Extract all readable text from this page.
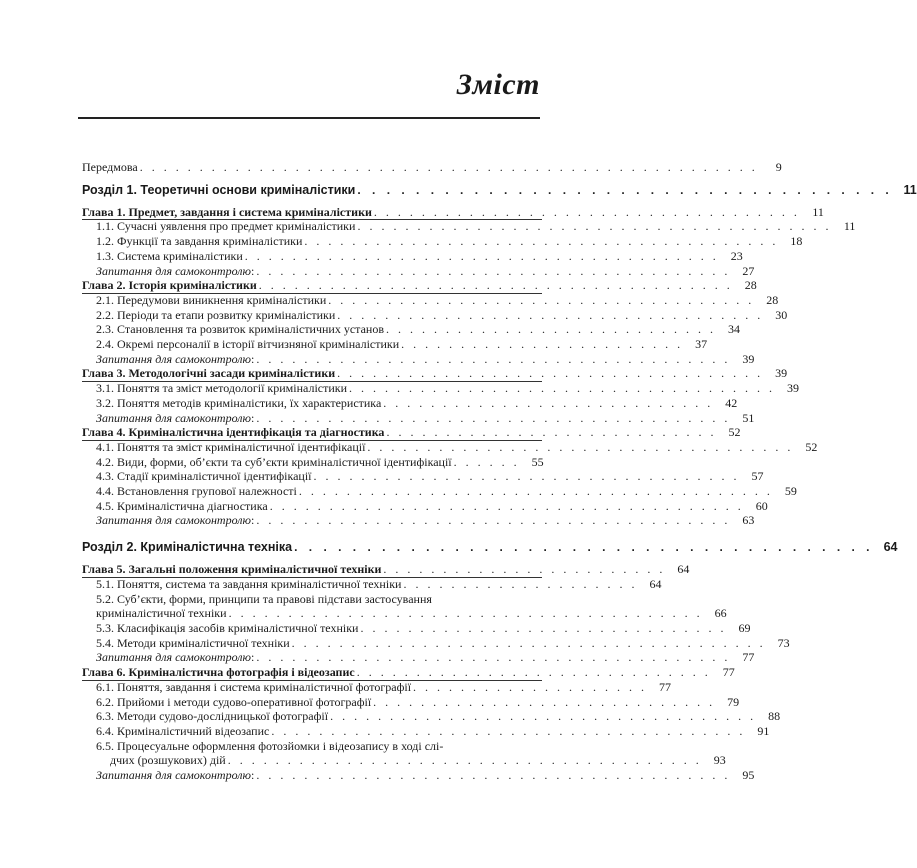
Зміст
Передмова . . . . . . . . . . . . . . . . . . . . . . . . . . . . . . . . . . . . . . . . . . . . . . . . . . . .	9
Розділ 1. Теоретичні основи криміналістики . . . . . . . . . . . . . . . . . . . . . . . . . . . . . . . . . . . . . 11
Глава 1. Предмет, завдання і система криміналістики . . . . . . . . . . . . . . . . . . . . . . . . . . . . . . . . . . . .	11
1.1. Сучасні уявлення про предмет криміналістики . . . . . . . . . . . . . . . . . . . . . . . . . . . . . . . . . . . . . . . .	11
1.2. Функції та завдання криміналістики . . . . . . . . . . . . . . . . . . . . . . . . . . . . . . . . . . . . . . . .	18
1.3. Система криміналістики . . . . . . . . . . . . . . . . . . . . . . . . . . . . . . . . . . . . . . . .	23
Запитання для самоконтролю : . . . . . . . . . . . . . . . . . . . . . . . . . . . . . . . . . . . . . . . .	27
Глава 2. Історія криміналістики . . . . . . . . . . . . . . . . . . . . . . . . . . . . . . . . . . . . . . . .	28
2.1. Передумови виникнення криміналістики . . . . . . . . . . . . . . . . . . . . . . . . . . . . . . . . . . . .	28
2.2. Періоди та етапи розвитку криміналістики . . . . . . . . . . . . . . . . . . . . . . . . . . . . . . . . . . . .	30
2.3. Становлення та розвиток криміналістичних установ . . . . . . . . . . . . . . . . . . . . . . . . . . . .	34
2.4. Окремі персоналії в історії вітчизняної криміналістики . . . . . . . . . . . . . . . . . . . . . . . .	37
Запитання для самоконтролю : . . . . . . . . . . . . . . . . . . . . . . . . . . . . . . . . . . . . . . . .	39
Глава 3. Методологічні засади криміналістики . . . . . . . . . . . . . . . . . . . . . . . . . . . . . . . . . . . .	39
3.1. Поняття та зміст методології криміналістики . . . . . . . . . . . . . . . . . . . . . . . . . . . . . . . . . . . .	39
3.2. Поняття методів криміналістики, їх характеристика . . . . . . . . . . . . . . . . . . . . . . . . . . . .	42
Запитання для самоконтролю : . . . . . . . . . . . . . . . . . . . . . . . . . . . . . . . . . . . . . . . .	51
Глава 4. Криміналістична ідентифікація та діагностика . . . . . . . . . . . . . . . . . . . . . . . . . . . .	52
4.1. Поняття та зміст криміналістичної ідентифікації . . . . . . . . . . . . . . . . . . . . . . . . . . . . . . . . . . . .	52
4.2. Види, форми, об’єкти та суб’єкти криміналістичної ідентифікації . . . . . .	55
4.3. Стадії криміналістичної ідентифікації . . . . . . . . . . . . . . . . . . . . . . . . . . . . . . . . . . . .	57
4.4. Встановлення групової належності . . . . . . . . . . . . . . . . . . . . . . . . . . . . . . . . . . . . . . . .	59
4.5. Криміналістична діагностика . . . . . . . . . . . . . . . . . . . . . . . . . . . . . . . . . . . . . . . .	60
Запитання для самоконтролю : . . . . . . . . . . . . . . . . . . . . . . . . . . . . . . . . . . . . . . . .	63
Розділ 2. Криміналістична техніка . . . . . . . . . . . . . . . . . . . . . . . . . . . . . . . . . . . . . . . . 64
Глава 5. Загальні положення криміналістичної техніки . . . . . . . . . . . . . . . . . . . . . . . .	64
5.1. Поняття, система та завдання криміналістичної техніки . . . . . . . . . . . . . . . . . . . .	64
5.2. Суб’єкти, форми, принципи та правові підстави застосування
криміналістичної техніки . . . . . . . . . . . . . . . . . . . . . . . . . . . . . . . . . . . . . . . .	66
5.3. Класифікація засобів криміналістичної техніки . . . . . . . . . . . . . . . . . . . . . . . . . . . . . . .	69
5.4. Методи криміналістичної техніки . . . . . . . . . . . . . . . . . . . . . . . . . . . . . . . . . . . . . . . .	73
Запитання для самоконтролю : . . . . . . . . . . . . . . . . . . . . . . . . . . . . . . . . . . . . . . . .	77
Глава 6. Криміналістична фотографія і відеозапис . . . . . . . . . . . . . . . . . . . . . . . . . . . . . .	77
6.1. Поняття, завдання і система криміналістичної фотографії . . . . . . . . . . . . . . . . . . . .	77
6.2. Прийоми і методи судово-оперативної фотографії . . . . . . . . . . . . . . . . . . . . . . . . . . . . .	79
6.3. Методи судово-дослідницької фотографії . . . . . . . . . . . . . . . . . . . . . . . . . . . . . . . . . . . .	88
6.4. Криміналістичний відеозапис . . . . . . . . . . . . . . . . . . . . . . . . . . . . . . . . . . . . . . . .	91
6.5. Процесуальне оформлення фотозйомки і відеозапису в ході слі-
дчих (розшукових) дій . . . . . . . . . . . . . . . . . . . . . . . . . . . . . . . . . . . . . . . .	93
Запитання для самоконтролю : . . . . . . . . . . . . . . . . . . . . . . . . . . . . . . . . . . . . . . . .	95
